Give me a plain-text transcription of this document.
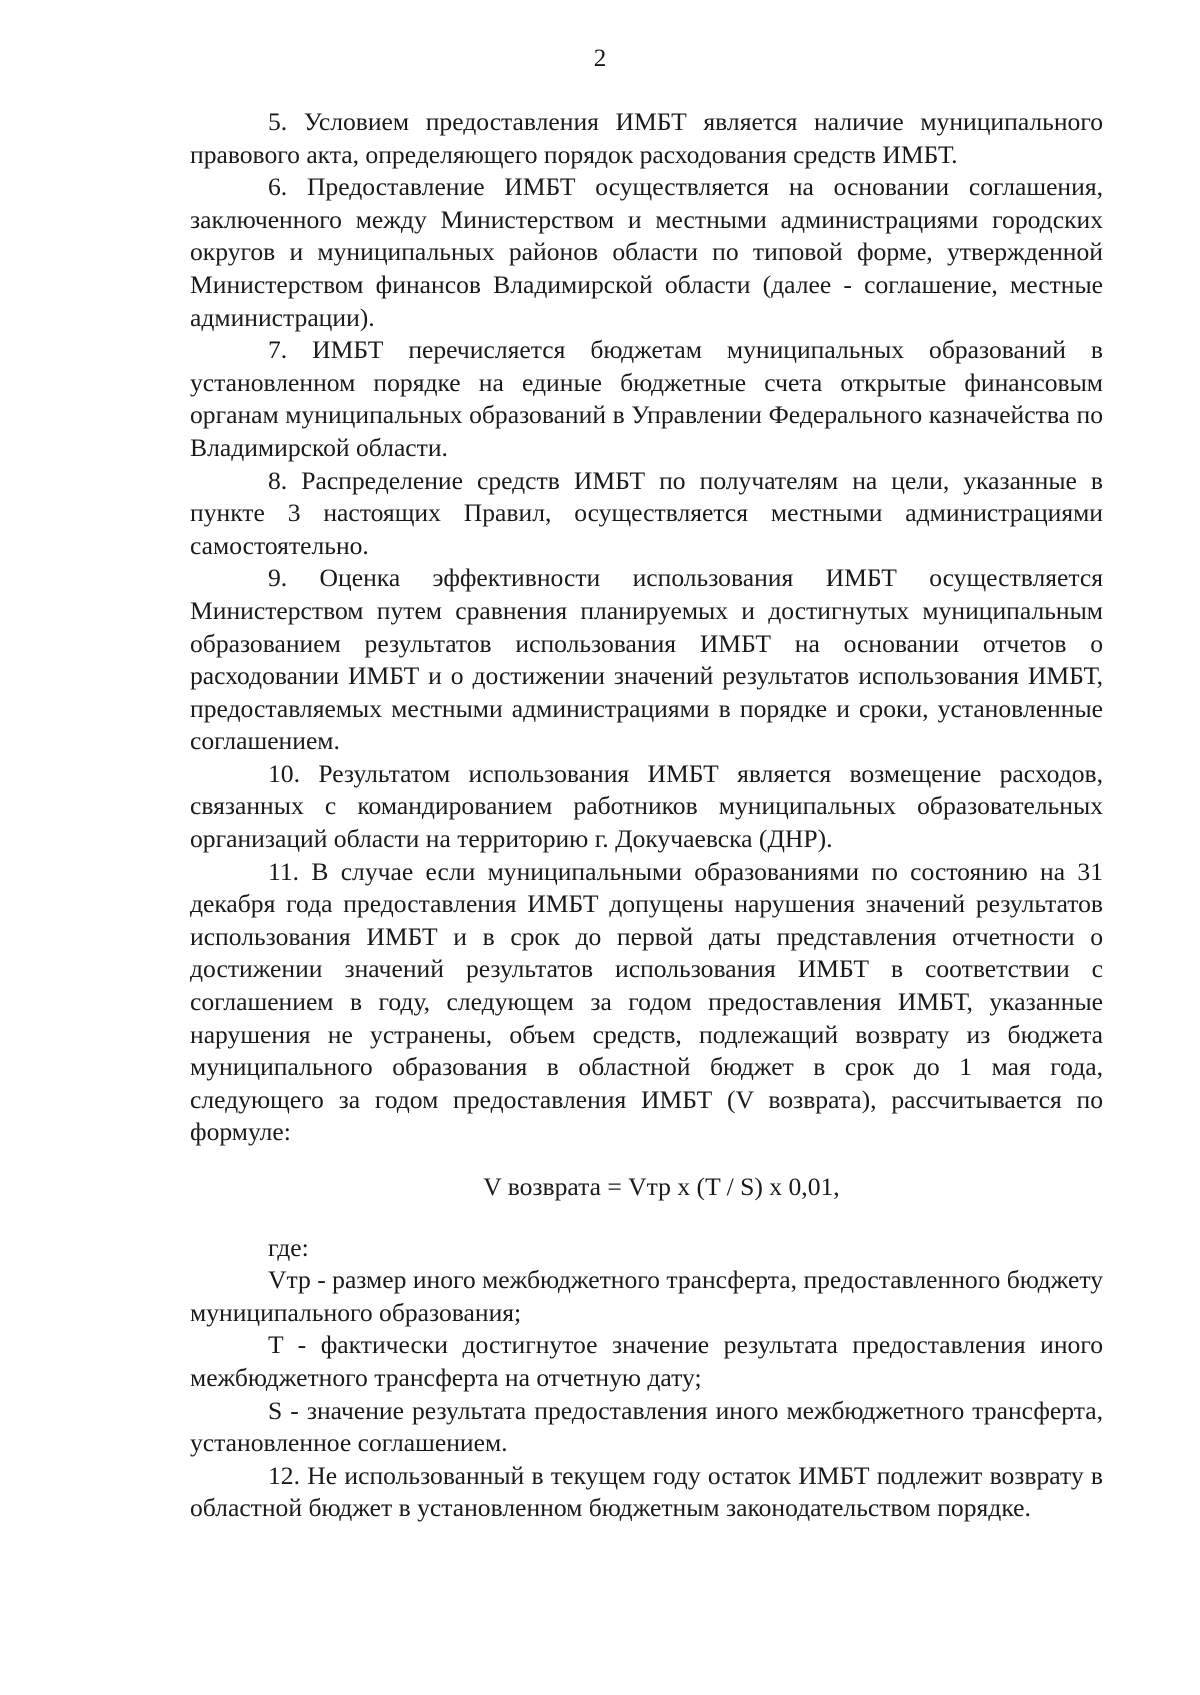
2

5. Условием предоставления ИМБТ является наличие муниципального правового акта, определяющего порядок расходования средств ИМБТ.

6. Предоставление ИМБТ осуществляется на основании соглашения, заключенного между Министерством и местными администрациями городских округов и муниципальных районов области по типовой форме, утвержденной Министерством финансов Владимирской области (далее - соглашение, местные администрации).

7. ИМБТ перечисляется бюджетам муниципальных образований в установленном порядке на единые бюджетные счета открытые финансовым органам муниципальных образований в Управлении Федерального казначейства по Владимирской области.

8. Распределение средств ИМБТ по получателям на цели, указанные в пункте 3 настоящих Правил, осуществляется местными администрациями самостоятельно.

9. Оценка эффективности использования ИМБТ осуществляется Министерством путем сравнения планируемых и достигнутых муниципальным образованием результатов использования ИМБТ на основании отчетов о расходовании ИМБТ и о достижении значений результатов использования ИМБТ, предоставляемых местными администрациями в порядке и сроки, установленные соглашением.

10. Результатом использования ИМБТ является возмещение расходов, связанных с командированием работников муниципальных образовательных организаций области на территорию г. Докучаевска (ДНР).

11. В случае если муниципальными образованиями по состоянию на 31 декабря года предоставления ИМБТ допущены нарушения значений результатов использования ИМБТ и в срок до первой даты представления отчетности о достижении значений результатов использования ИМБТ в соответствии с соглашением в году, следующем за годом предоставления ИМБТ, указанные нарушения не устранены, объем средств, подлежащий возврату из бюджета муниципального образования в областной бюджет в срок до 1 мая года, следующего за годом предоставления ИМБТ (V возврата), рассчитывается по формуле:

V возврата = Vтр x (T / S) x 0,01,

где:

Vтр - размер иного межбюджетного трансферта, предоставленного бюджету муниципального образования;

T - фактически достигнутое значение результата предоставления иного межбюджетного трансферта на отчетную дату;

S - значение результата предоставления иного межбюджетного трансферта, установленное соглашением.

12. Не использованный в текущем году остаток ИМБТ подлежит возврату в областной бюджет в установленном бюджетным законодательством порядке.
